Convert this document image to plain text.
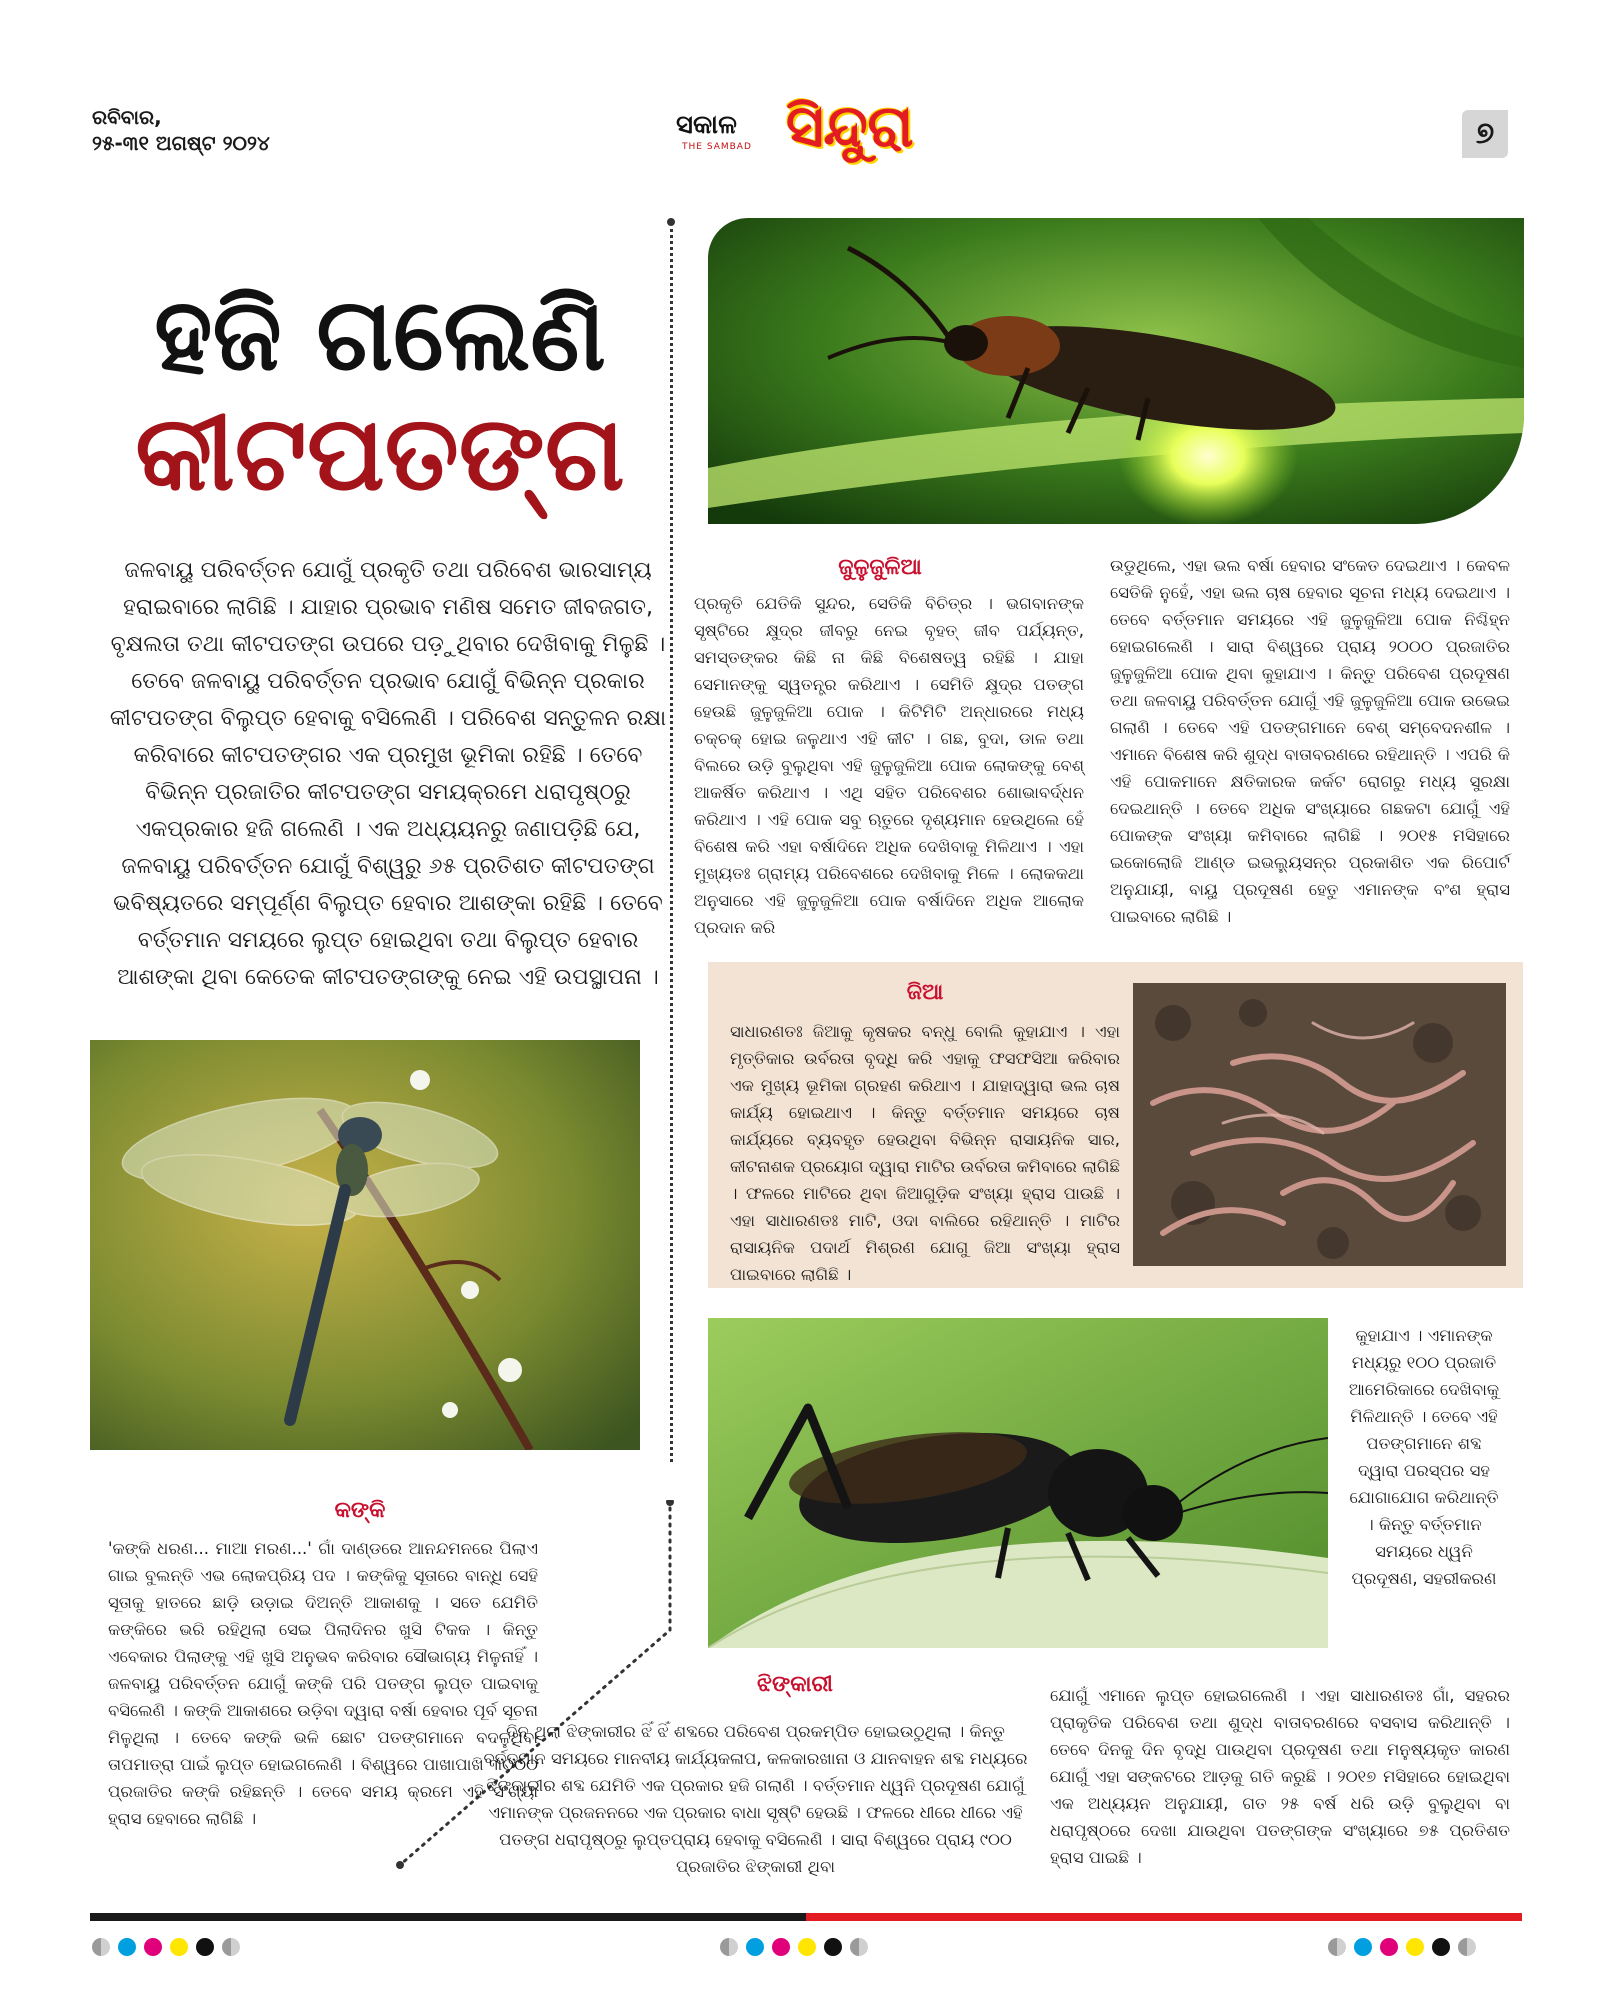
ରବିବାର,
୨୫-୩୧ ଅଗଷ୍ଟ ୨୦୨୪
ସକାଳ
THE SAMBAD ସିନ୍ଦୁରା	୭
ହଜି ଗଲେଣି
କୀଟପତଙ୍ଗ
ଜଳବାୟୁ ପରିବର୍ତ୍ତନ ଯୋଗୁଁ ପ୍ରକୃତି ତଥା ପରିବେଶ ଭାରସାମ୍ୟ ହରାଇବାରେ ଲାଗିଛି । ଯାହାର ପ୍ରଭାବ ମଣିଷ ସମେତ ଜୀବଜଗତ, ବୃକ୍ଷଲତା ତଥା କୀଟପତଙ୍ଗ ଉପରେ ପଡ଼ୁଥିବାର ଦେଖିବାକୁ ମିଳୁଛି । ତେବେ ଜଳବାୟୁ ପରିବର୍ତ୍ତନ ପ୍ରଭାବ ଯୋଗୁଁ ବିଭିନ୍ନ ପ୍ରକାର କୀଟପତଙ୍ଗ ବିଲୁପ୍ତ ହେବାକୁ ବସିଲେଣି । ପରିବେଶ ସନ୍ତୁଳନ ରକ୍ଷା କରିବାରେ କୀଟପତଙ୍ଗର ଏକ ପ୍ରମୁଖ ଭୂମିକା ରହିଛି । ତେବେ ବିଭିନ୍ନ ପ୍ରଜାତିର କୀଟପତଙ୍ଗ ସମୟକ୍ରମେ ଧରାପୃଷ୍ଠରୁ ଏକପ୍ରକାର ହଜି ଗଲେଣି । ଏକ ଅଧ୍ୟୟନରୁ ଜଣାପଡ଼ିଛି ଯେ, ଜଳବାୟୁ ପରିବର୍ତ୍ତନ ଯୋଗୁଁ ବିଶ୍ୱରୁ ୬୫ ପ୍ରତିଶତ କୀଟପତଙ୍ଗ ଭବିଷ୍ୟତରେ ସମ୍ପୂର୍ଣ୍ଣ ବିଲୁପ୍ତ ହେବାର ଆଶଙ୍କା ରହିଛି । ତେବେ ବର୍ତ୍ତମାନ ସମୟରେ ଲୁପ୍ତ ହୋଇଥିବା ତଥା ବିଲୁପ୍ତ ହେବାର ଆଶଙ୍କା ଥିବା କେତେକ କୀଟପତଙ୍ଗଙ୍କୁ ନେଇ ଏହି ଉପସ୍ଥାପନା ।
ଜୁଳୁଜୁଳିଆ
ପ୍ରକୃତି ଯେତିକି ସୁନ୍ଦର, ସେତିକି ବିଚିତ୍ର । ଭଗବାନଙ୍କ ସୃଷ୍ଟିରେ କ୍ଷୁଦ୍ର ଜୀବରୁ ନେଇ ବୃହତ୍ ଜୀବ ପର୍ଯ୍ୟନ୍ତ, ସମସ୍ତଙ୍କର କିଛି ନା କିଛି ବିଶେଷତ୍ୱ ରହିଛି । ଯାହା ସେମାନଙ୍କୁ ସ୍ୱତନ୍ତ୍ର କରିଥାଏ । ସେମିତି କ୍ଷୁଦ୍ର ପତଙ୍ଗ ହେଉଛି ଜୁଳୁଜୁଳିଆ ପୋକ । କିଟିମିଟି ଅନ୍ଧାରରେ ମଧ୍ୟ ଚକ୍‌ଚକ୍ ହୋଇ ଜଳୁଥାଏ ଏହି କୀଟ । ଗଛ, ବୁଦା, ଡାଳ ତଥା ବିଲରେ ଉଡ଼ି ବୁଲୁଥିବା ଏହି ଜୁଳୁଜୁଳିଆ ପୋକ ଲୋକଙ୍କୁ ବେଶ୍ ଆକର୍ଷିତ କରିଥାଏ । ଏଥି ସହିତ ପରିବେଶର ଶୋଭାବର୍ଦ୍ଧନ କରିଥାଏ । ଏହି ପୋକ ସବୁ ଋତୁରେ ଦୃଶ୍ୟମାନ ହେଉଥିଲେ ହେଁ ବିଶେଷ କରି ଏହା ବର୍ଷାଦିନେ ଅଧିକ ଦେଖିବାକୁ ମିଳିଥାଏ । ଏହା ମୁଖ୍ୟତଃ ଗ୍ରାମ୍ୟ ପରିବେଶରେ ଦେଖିବାକୁ ମିଳେ । ଲୋକକଥା ଅନୁସାରେ ଏହି ଜୁଳୁଜୁଳିଆ ପୋକ ବର୍ଷାଦିନେ ଅଧିକ ଆଲୋକ ପ୍ରଦାନ କରି
ଉଡୁଥିଲେ, ଏହା ଭଲ ବର୍ଷା ହେବାର ସଂକେତ ଦେଇଥାଏ । କେବଳ ସେତିକି ନୁହେଁ, ଏହା ଭଲ ଚାଷ ହେବାର ସୂଚନା ମଧ୍ୟ ଦେଇଥାଏ । ତେବେ ବର୍ତ୍ତମାନ ସମୟରେ ଏହି ଜୁଳୁଜୁଳିଆ ପୋକ ନିଶ୍ଚିହ୍ନ ହୋଇଗଲେଣି । ସାରା ବିଶ୍ୱରେ ପ୍ରାୟ ୨୦୦୦ ପ୍ରଜାତିର ଜୁଳୁଜୁଳିଆ ପୋକ ଥିବା କୁହାଯାଏ । କିନ୍ତୁ ପରିବେଶ ପ୍ରଦୂଷଣ ତଥା ଜଳବାୟୁ ପରିବର୍ତ୍ତନ ଯୋଗୁଁ ଏହି ଜୁଳୁଜୁଳିଆ ପୋକ ଉଭେଇ ଗଲାଣି । ତେବେ ଏହି ପତଙ୍ଗମାନେ ବେଶ୍ ସମ୍ବେଦନଶୀଳ । ଏମାନେ ବିଶେଷ କରି ଶୁଦ୍ଧ ବାତାବରଣରେ ରହିଥାନ୍ତି । ଏପରି କି ଏହି ପୋକମାନେ କ୍ଷତିକାରକ କର୍କଟ ରୋଗରୁ ମଧ୍ୟ ସୁରକ୍ଷା ଦେଇଥାନ୍ତି । ତେବେ ଅଧିକ ସଂଖ୍ୟାରେ ଗଛକଟା ଯୋଗୁଁ ଏହି ପୋକଙ୍କ ସଂଖ୍ୟା କମିବାରେ ଲାଗିଛି । ୨୦୧୫ ମସିହାରେ ଇକୋଲୋଜି ଆଣ୍ଡ ଇଭଲ୍ୟୁସନ୍‌ର ପ୍ରକାଶିତ ଏକ ରିପୋର୍ଟ ଅନୁଯାୟୀ, ବାୟୁ ପ୍ରଦୂଷଣ ହେତୁ ଏମାନଙ୍କ ବଂଶ ହ୍ରାସ ପାଇବାରେ ଲାଗିଛି ।
ଜିଆ
ସାଧାରଣତଃ ଜିଆକୁ କୃଷକର ବନ୍ଧୁ ବୋଲି କୁହାଯାଏ । ଏହା ମୃତ୍ତିକାର ଉର୍ବରତା ବୃଦ୍ଧି କରି ଏହାକୁ ଫସଫସିଆ କରିବାର ଏକ ମୁଖ୍ୟ ଭୂମିକା ଗ୍ରହଣ କରିଥାଏ । ଯାହାଦ୍ୱାରା ଭଲ ଚାଷ କାର୍ଯ୍ୟ ହୋଇଥାଏ । କିନ୍ତୁ ବର୍ତ୍ତମାନ ସମୟରେ ଚାଷ କାର୍ଯ୍ୟରେ ବ୍ୟବହୃତ ହେଉଥିବା ବିଭିନ୍ନ ରାସାୟନିକ ସାର, କୀଟନାଶକ ପ୍ରୟୋଗ ଦ୍ୱାରା ମାଟିର ଉର୍ବରତା କମିବାରେ ଲାଗିଛି । ଫଳରେ ମାଟିରେ ଥିବା ଜିଆଗୁଡ଼ିକ ସଂଖ୍ୟା ହ୍ରାସ ପାଉଛି । ଏହା ସାଧାରଣତଃ ମାଟି, ଓଦା ବାଲିରେ ରହିଥାନ୍ତି । ମାଟିର ରାସାୟନିକ ପଦାର୍ଥ ମିଶ୍ରଣ ଯୋଗୁ ଜିଆ ସଂଖ୍ୟା ହ୍ରାସ ପାଇବାରେ ଲାଗିଛି ।
କଙ୍କି
'କଙ୍କି ଧରଣ... ମାଆ ମରଣ...' ଗାଁ ଦାଣ୍ଡରେ ଆନନ୍ଦମନରେ ପିଲାଏ ଗାଇ ବୁଲନ୍ତି ଏଭ ଲୋକପ୍ରିୟ ପଦ । କଙ୍କିକୁ ସୂତାରେ ବାନ୍ଧି ସେହି ସୂତାକୁ ହାତରେ ଛାଡ଼ି ଉଡ଼ାଇ ଦିଅନ୍ତି ଆକାଶକୁ । ସତେ ଯେମିତି କଙ୍କିରେ ଭରି ରହିଥିଲା ସେଇ ପିଲାଦିନର ଖୁସି ଟିକକ । କିନ୍ତୁ ଏବେକାର ପିଲାଙ୍କୁ ଏହି ଖୁସି ଅନୁଭବ କରିବାର ସୌଭାଗ୍ୟ ମିଳୁନାହିଁ । ଜଳବାୟୁ ପରିବର୍ତ୍ତନ ଯୋଗୁଁ କଙ୍କି ପରି ପତଙ୍ଗ ଲୁପ୍ତ ପାଇବାକୁ ବସିଲେଣି । କଙ୍କି ଆକାଶରେ ଉଡ଼ିବା ଦ୍ୱାରା ବର୍ଷା ହେବାର ପୂର୍ବ ସୂଚନା ମିଳୁଥିଲା । ତେବେ କଙ୍କି ଭଳି ଛୋଟ ପତଙ୍ଗମାନେ ବଦଳୁଥିବା ତାପମାତ୍ରା ପାଇଁ ଲୁପ୍ତ ହୋଇଗଲେଣି । ବିଶ୍ୱରେ ପାଖାପାଖି ୩୦୦୦ ପ୍ରଜାତିର କଙ୍କି ରହିଛନ୍ତି । ତେବେ ସମୟ କ୍ରମେ ଏହି ସଂଖ୍ୟା ହ୍ରାସ ହେବାରେ ଲାଗିଛି ।
ଝିଙ୍କାରୀ
ଦିନ ଥିଲା ଝିଙ୍କାରୀର ଝିଁ ଝିଁ ଶବ୍ଦରେ ପରିବେଶ ପ୍ରକମ୍ପିତ ହୋଇଉଠୁଥିଲା । କିନ୍ତୁ ବର୍ତ୍ତମାନ ସମୟରେ ମାନବୀୟ କାର୍ଯ୍ୟକଳାପ, କଳକାରଖାନା ଓ ଯାନବାହନ ଶବ୍ଦ ମଧ୍ୟରେ ଝିଙ୍କାରୀର ଶବ୍ଦ ଯେମିତି ଏକ ପ୍ରକାର ହଜି ଗଲାଣି । ବର୍ତ୍ତମାନ ଧ୍ୱନି ପ୍ରଦୂଷଣ ଯୋଗୁଁ ଏମାନଙ୍କ ପ୍ରଜନନରେ ଏକ ପ୍ରକାର ବାଧା ସୃଷ୍ଟି ହେଉଛି । ଫଳରେ ଧୀରେ ଧୀରେ ଏହି ପତଙ୍ଗ ଧରାପୃଷ୍ଠରୁ ଲୁପ୍ତପ୍ରାୟ ହେବାକୁ ବସିଲେଣି । ସାରା ବିଶ୍ୱରେ ପ୍ରାୟ ୯୦୦ ପ୍ରଜାତିର ଝିଙ୍କାରୀ ଥିବା
କୁହାଯାଏ । ଏମାନଙ୍କ ମଧ୍ୟରୁ ୧୦୦ ପ୍ରଜାତି ଆମେରିକାରେ ଦେଖିବାକୁ ମିଳିଥାନ୍ତି । ତେବେ ଏହି ପତଙ୍ଗମାନେ ଶବ୍ଦ ଦ୍ୱାରା ପରସ୍ପର ସହ ଯୋଗାଯୋଗ କରିଥାନ୍ତି । କିନ୍ତୁ ବର୍ତ୍ତମାନ ସମୟରେ ଧ୍ୱନି ପ୍ରଦୂଷଣ, ସହରୀକରଣ
ଯୋଗୁଁ ଏମାନେ ଲୁପ୍ତ ହୋଇଗଲେଣି । ଏହା ସାଧାରଣତଃ ଗାଁ, ସହରର ପ୍ରାକୃତିକ ପରିବେଶ ତଥା ଶୁଦ୍ଧ ବାତାବରଣରେ ବସବାସ କରିଥାନ୍ତି । ତେବେ ଦିନକୁ ଦିନ ବୃଦ୍ଧି ପାଉଥିବା ପ୍ରଦୂଷଣ ତଥା ମନୁଷ୍ୟକୃତ କାରଣ ଯୋଗୁଁ ଏହା ସଙ୍କଟରେ ଆଡ଼କୁ ଗତି କରୁଛି । ୨୦୧୭ ମସିହାରେ ହୋଇଥିବା ଏକ ଅଧ୍ୟୟନ ଅନୁଯାୟୀ, ଗତ ୨୫ ବର୍ଷ ଧରି ଉଡ଼ି ବୁଲୁଥିବା ବା ଧରାପୃଷ୍ଠରେ ଦେଖା ଯାଉଥିବା ପତଙ୍ଗଙ୍କ ସଂଖ୍ୟାରେ ୭୫ ପ୍ରତିଶତ ହ୍ରାସ ପାଇଛି ।
